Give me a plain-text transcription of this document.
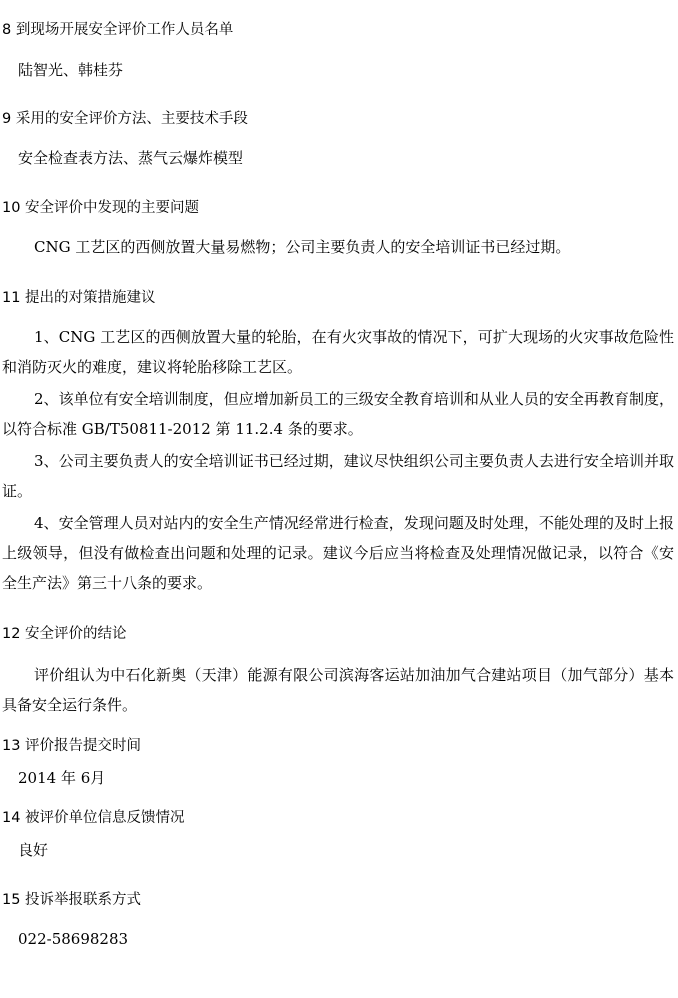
8 到现场开展安全评价工作人员名单
陆智光、韩桂芬
9 采用的安全评价方法、主要技术手段
安全检查表方法、蒸气云爆炸模型
10 安全评价中发现的主要问题
CNG 工艺区的西侧放置大量易燃物；公司主要负责人的安全培训证书已经过期。
11 提出的对策措施建议
1、CNG 工艺区的西侧放置大量的轮胎，在有火灾事故的情况下，可扩大现场的火灾事故危险性和消防灭火的难度，建议将轮胎移除工艺区。
2、该单位有安全培训制度，但应增加新员工的三级安全教育培训和从业人员的安全再教育制度，以符合标准 GB/T50811-2012 第 11.2.4 条的要求。
3、公司主要负责人的安全培训证书已经过期，建议尽快组织公司主要负责人去进行安全培训并取证。
4、安全管理人员对站内的安全生产情况经常进行检查，发现问题及时处理，不能处理的及时上报上级领导，但没有做检查出问题和处理的记录。建议今后应当将检查及处理情况做记录，以符合《安全生产法》第三十八条的要求。
12 安全评价的结论
评价组认为中石化新奥（天津）能源有限公司滨海客运站加油加气合建站项目（加气部分）基本具备安全运行条件。
13 评价报告提交时间
2014 年 6月
14 被评价单位信息反馈情况
良好
15 投诉举报联系方式
022-58698283
